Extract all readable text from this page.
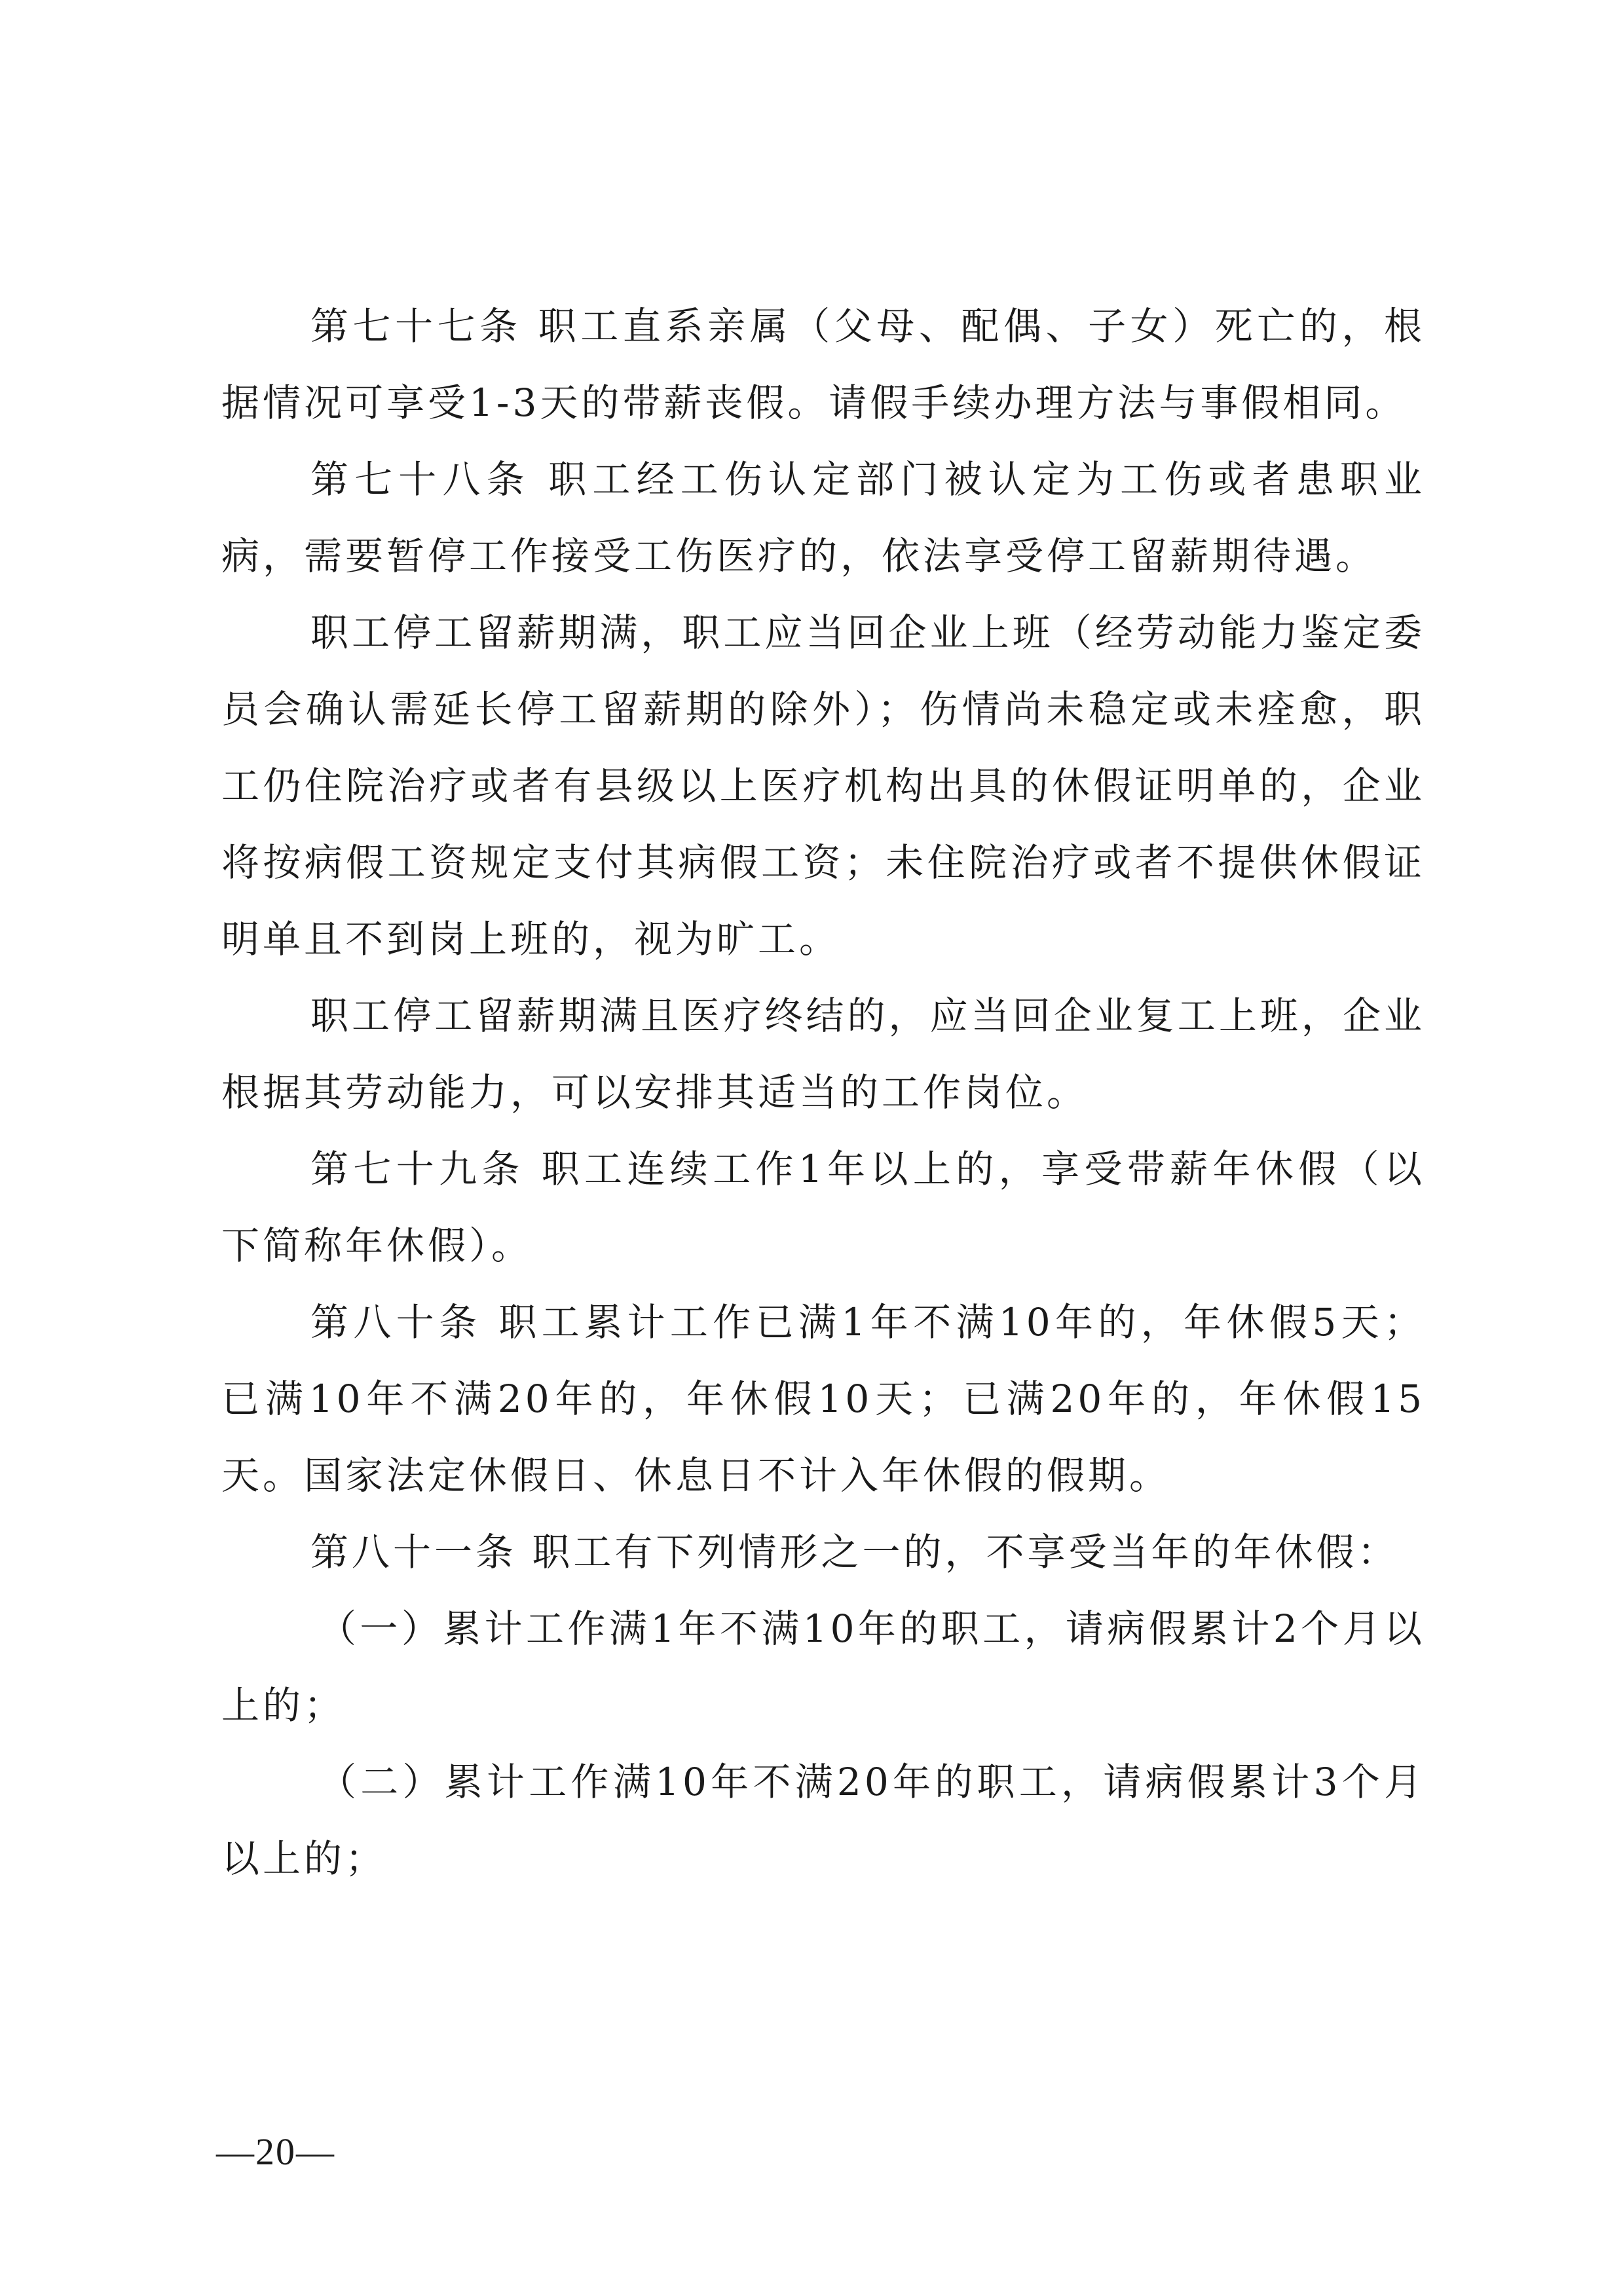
第七十七条 职工直系亲属（父母、配偶、子女）死亡的，根据情况可享受1-3天的带薪丧假。请假手续办理方法与事假相同。

第七十八条 职工经工伤认定部门被认定为工伤或者患职业病，需要暂停工作接受工伤医疗的，依法享受停工留薪期待遇。

职工停工留薪期满，职工应当回企业上班（经劳动能力鉴定委员会确认需延长停工留薪期的除外）；伤情尚未稳定或未痊愈，职工仍住院治疗或者有县级以上医疗机构出具的休假证明单的，企业将按病假工资规定支付其病假工资；未住院治疗或者不提供休假证明单且不到岗上班的，视为旷工。

职工停工留薪期满且医疗终结的，应当回企业复工上班，企业根据其劳动能力，可以安排其适当的工作岗位。

第七十九条 职工连续工作1年以上的，享受带薪年休假（以下简称年休假）。

第八十条 职工累计工作已满1年不满10年的，年休假5天；已满10年不满20年的，年休假10天；已满20年的，年休假15天。国家法定休假日、休息日不计入年休假的假期。

第八十一条 职工有下列情形之一的，不享受当年的年休假：

（一）累计工作满1年不满10年的职工，请病假累计2个月以上的；

（二）累计工作满10年不满20年的职工，请病假累计3个月以上的；

—20—
